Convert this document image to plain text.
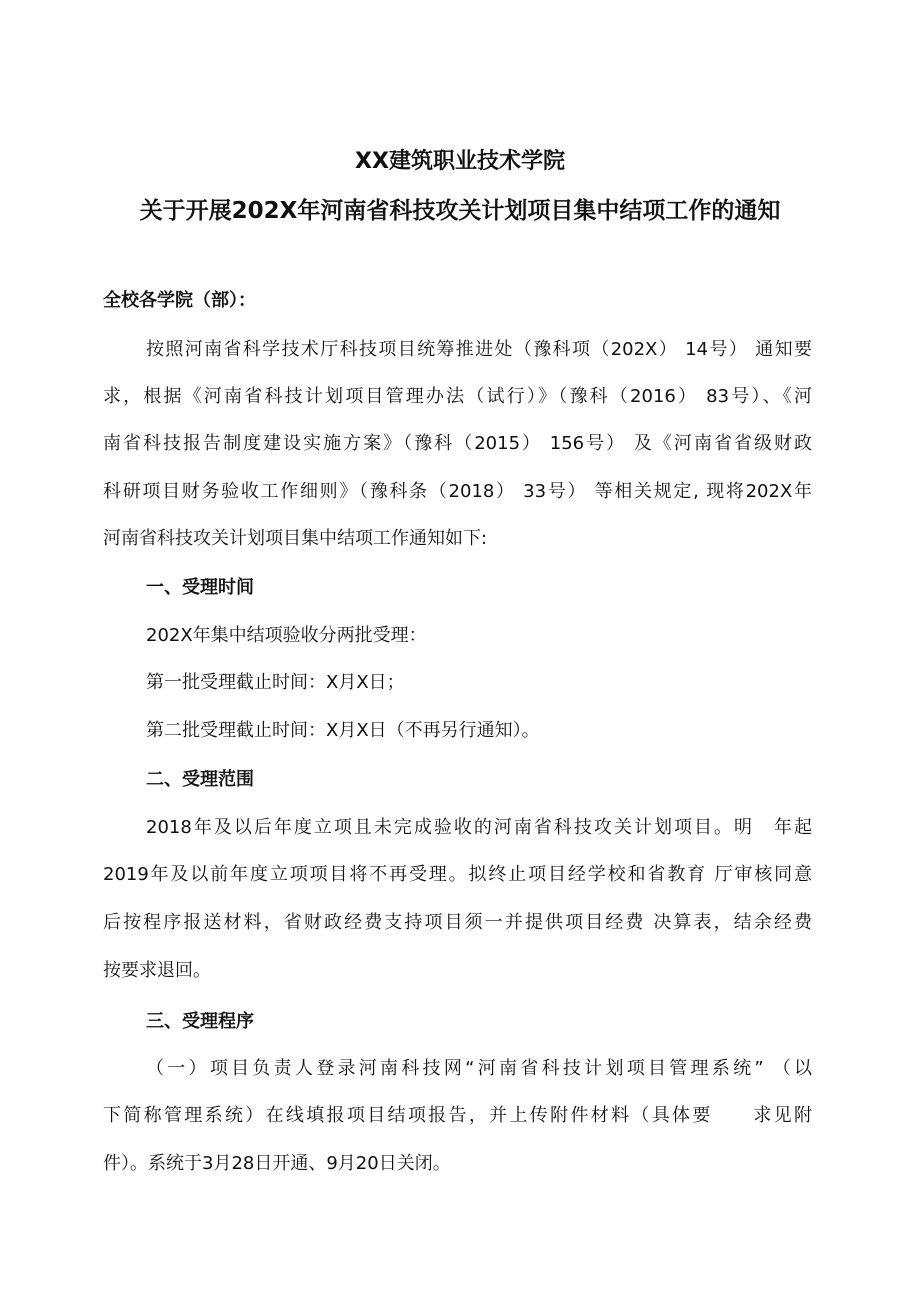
XX建筑职业技术学院
关于开展202X年河南省科技攻关计划项目集中结项工作的通知
全校各学院（部）：
按照河南省科学技术厅科技项目统筹推进处（豫科项（202X） 14号） 通知要
求，根据《河南省科技计划项目管理办法（试行）》（豫科（2016） 83号）、《河
南省科技报告制度建设实施方案》（豫科（2015） 156号） 及《河南省省级财政
科研项目财务验收工作细则》（豫科条（2018） 33号） 等相关规定, 现将202X年
河南省科技攻关计划项目集中结项工作通知如下:
一、受理时间
202X年集中结项验收分两批受理：
第一批受理截止时间：X月X日；
第二批受理截止时间：X月X日（不再另行通知）。
二、受理范围
2018年及以后年度立项且未完成验收的河南省科技攻关计划项目。明　年起
2019年及以前年度立项项目将不再受理。拟终止项目经学校和省教育 厅审核同意
后按程序报送材料，省财政经费支持项目须一并提供项目经费 决算表，结余经费
按要求退回。
三、受理程序
（一）项目负责人登录河南科技网“河南省科技计划项目管理系统” （以
下简称管理系统）在线填报项目结项报告，并上传附件材料（具体要　　求见附
件）。系统于3月28日开通、9月20日关闭。
